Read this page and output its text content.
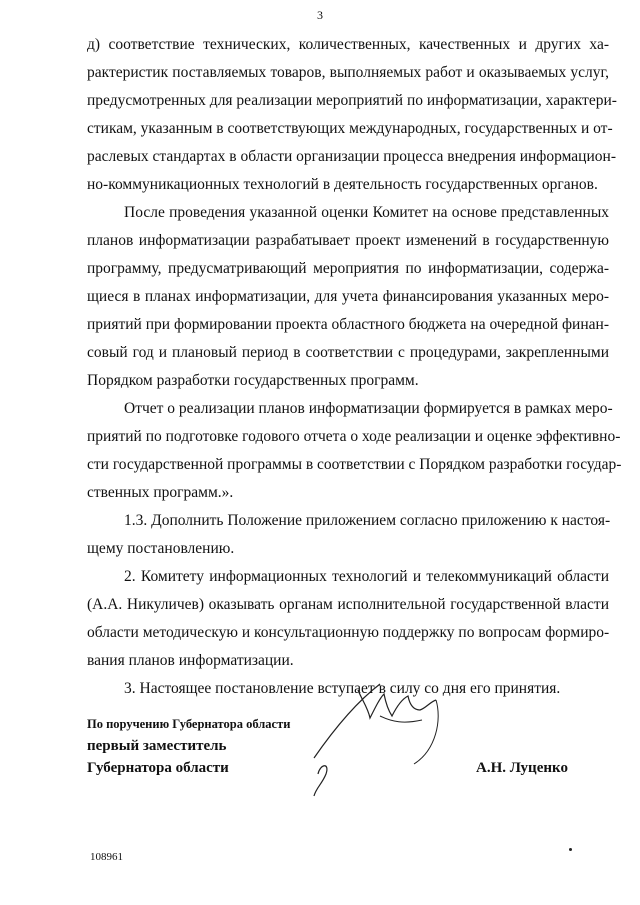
3
д) соответствие технических, количественных, качественных и других ха-
рактеристик поставляемых товаров, выполняемых работ и оказываемых услуг,
предусмотренных для реализации мероприятий по информатизации, характери-
стикам, указанным в соответствующих международных, государственных и от-
раслевых стандартах в области организации процесса внедрения информацион-
но-коммуникационных технологий в деятельность государственных органов.
После проведения указанной оценки Комитет на основе представленных
планов информатизации разрабатывает проект изменений в государственную
программу, предусматривающий мероприятия по информатизации, содержа-
щиеся в планах информатизации, для учета финансирования указанных меро-
приятий при формировании проекта областного бюджета на очередной финан-
совый год и плановый период в соответствии с процедурами, закрепленными
Порядком разработки государственных программ.
Отчет о реализации планов информатизации формируется в рамках меро-
приятий по подготовке годового отчета о ходе реализации и оценке эффективно-
сти государственной программы в соответствии с Порядком разработки государ-
ственных программ.».
1.3. Дополнить Положение приложением согласно приложению к настоя-
щему постановлению.
2. Комитету информационных технологий и телекоммуникаций области
(А.А. Никуличев) оказывать органам исполнительной государственной власти
области методическую и консультационную поддержку по вопросам формиро-
вания планов информатизации.
3. Настоящее постановление вступает в силу со дня его принятия.
По поручению Губернатора области
первый заместитель
Губернатора области	А.Н. Луценко
108961
